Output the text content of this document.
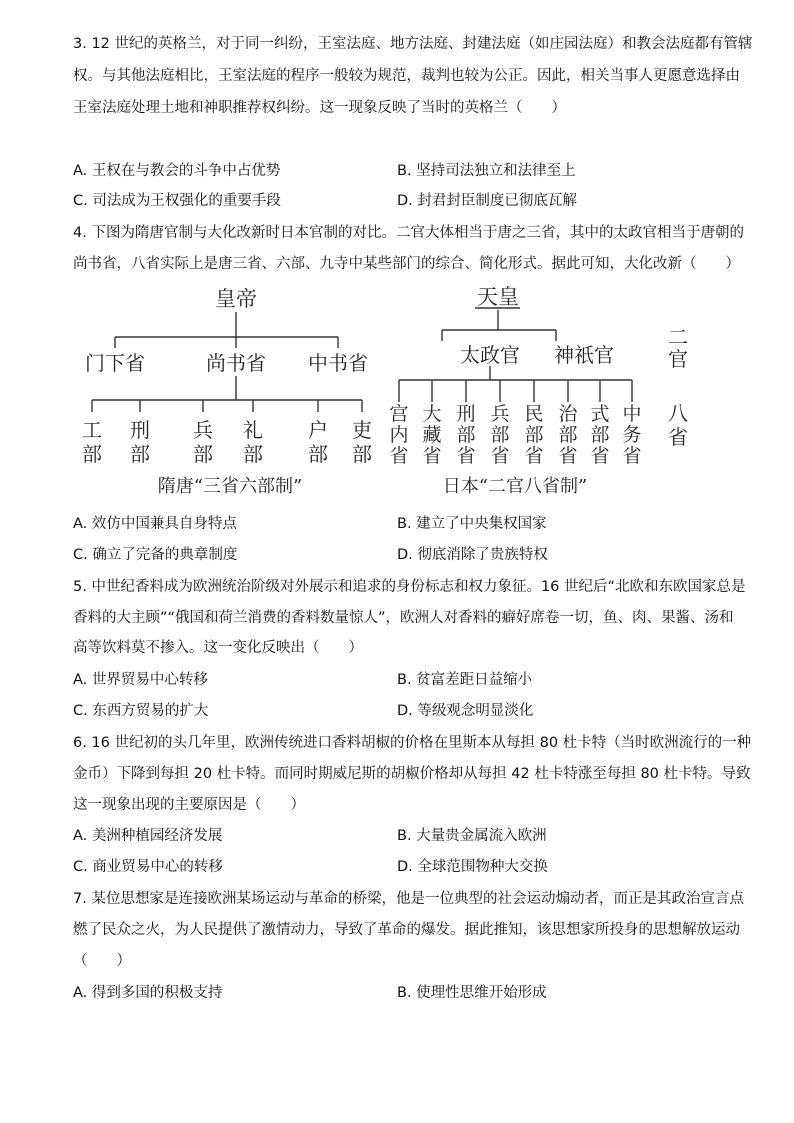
3. 12 世纪的英格兰，对于同一纠纷，王室法庭、地方法庭、封建法庭（如庄园法庭）和教会法庭都有管辖
权。与其他法庭相比，王室法庭的程序一般较为规范，裁判也较为公正。因此，相关当事人更愿意选择由
王室法庭处理土地和神职推荐权纠纷。这一现象反映了当时的英格兰（　　）
A. 王权在与教会的斗争中占优势	B. 坚持司法独立和法律至上
C. 司法成为王权强化的重要手段	D. 封君封臣制度已彻底瓦解
4. 下图为隋唐官制与大化改新时日本官制的对比。二官大体相当于唐之三省，其中的太政官相当于唐朝的
尚书省，八省实际上是唐三省、六部、九寺中某些部门的综合、简化形式。据此可知，大化改新（　　）
皇帝
门下省	尚书省 中书省
工部
刑部
兵部
礼部
户部
吏部
隋唐“三省六部制”
天皇
太政官 神祇官
宫内省
大藏省
刑部省
兵部省
民部省
治部省
式部省
中务省
日本“二官八省制”
二官
八省
A. 效仿中国兼具自身特点	B. 建立了中央集权国家
C. 确立了完备的典章制度	D. 彻底消除了贵族特权
5. 中世纪香料成为欧洲统治阶级对外展示和追求的身份标志和权力象征。16 世纪后“北欧和东欧国家总是
香料的大主顾”“俄国和荷兰消费的香料数量惊人”，欧洲人对香料的癖好席卷一切，鱼、肉、果酱、汤和
高等饮料莫不掺入。这一变化反映出（　　）
A. 世界贸易中心转移	B. 贫富差距日益缩小
C. 东西方贸易的扩大	D. 等级观念明显淡化
6. 16 世纪初的头几年里，欧洲传统进口香料胡椒的价格在里斯本从每担 80 杜卡特（当时欧洲流行的一种
金币）下降到每担 20 杜卡特。而同时期威尼斯的胡椒价格却从每担 42 杜卡特涨至每担 80 杜卡特。导致
这一现象出现的主要原因是（　　）
A. 美洲种植园经济发展	B. 大量贵金属流入欧洲
C. 商业贸易中心的转移	D. 全球范围物种大交换
7. 某位思想家是连接欧洲某场运动与革命的桥梁，他是一位典型的社会运动煽动者，而正是其政治宣言点
燃了民众之火，为人民提供了激情动力，导致了革命的爆发。据此推知，该思想家所投身的思想解放运动
（　　）
A. 得到多国的积极支持	B. 使理性思维开始形成
